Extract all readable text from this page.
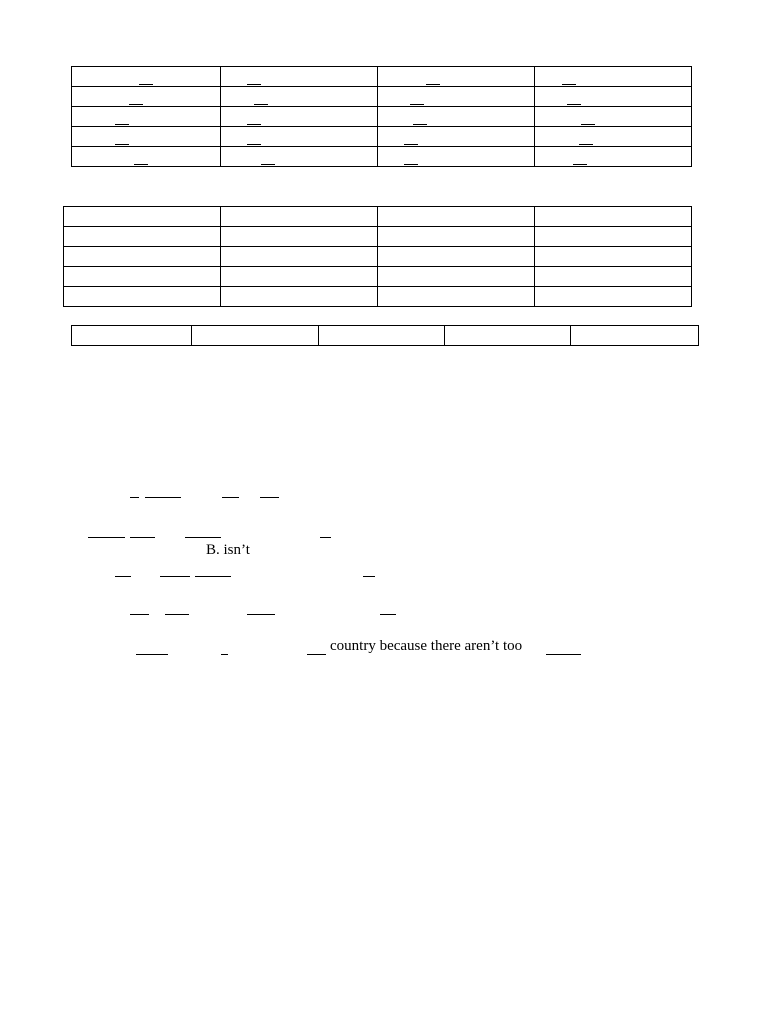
B. isn’t
country because there aren’t too
